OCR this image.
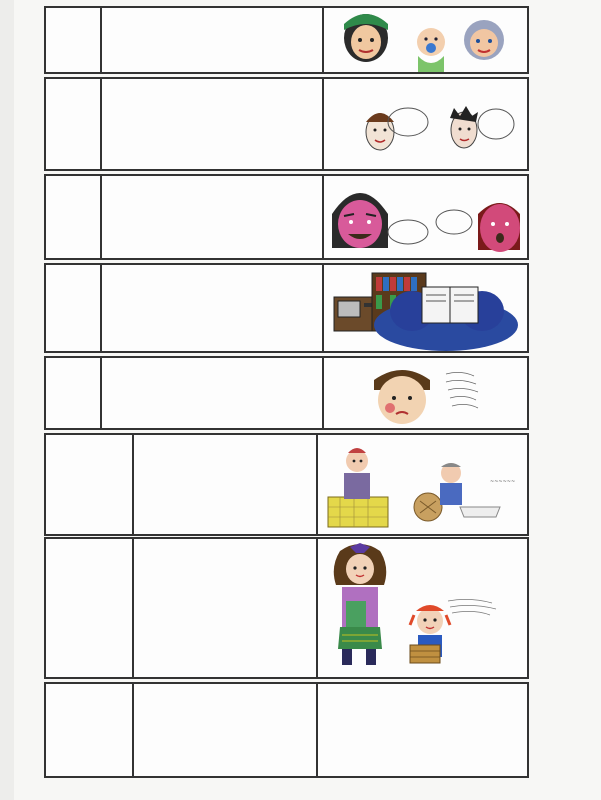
~~~~~~
